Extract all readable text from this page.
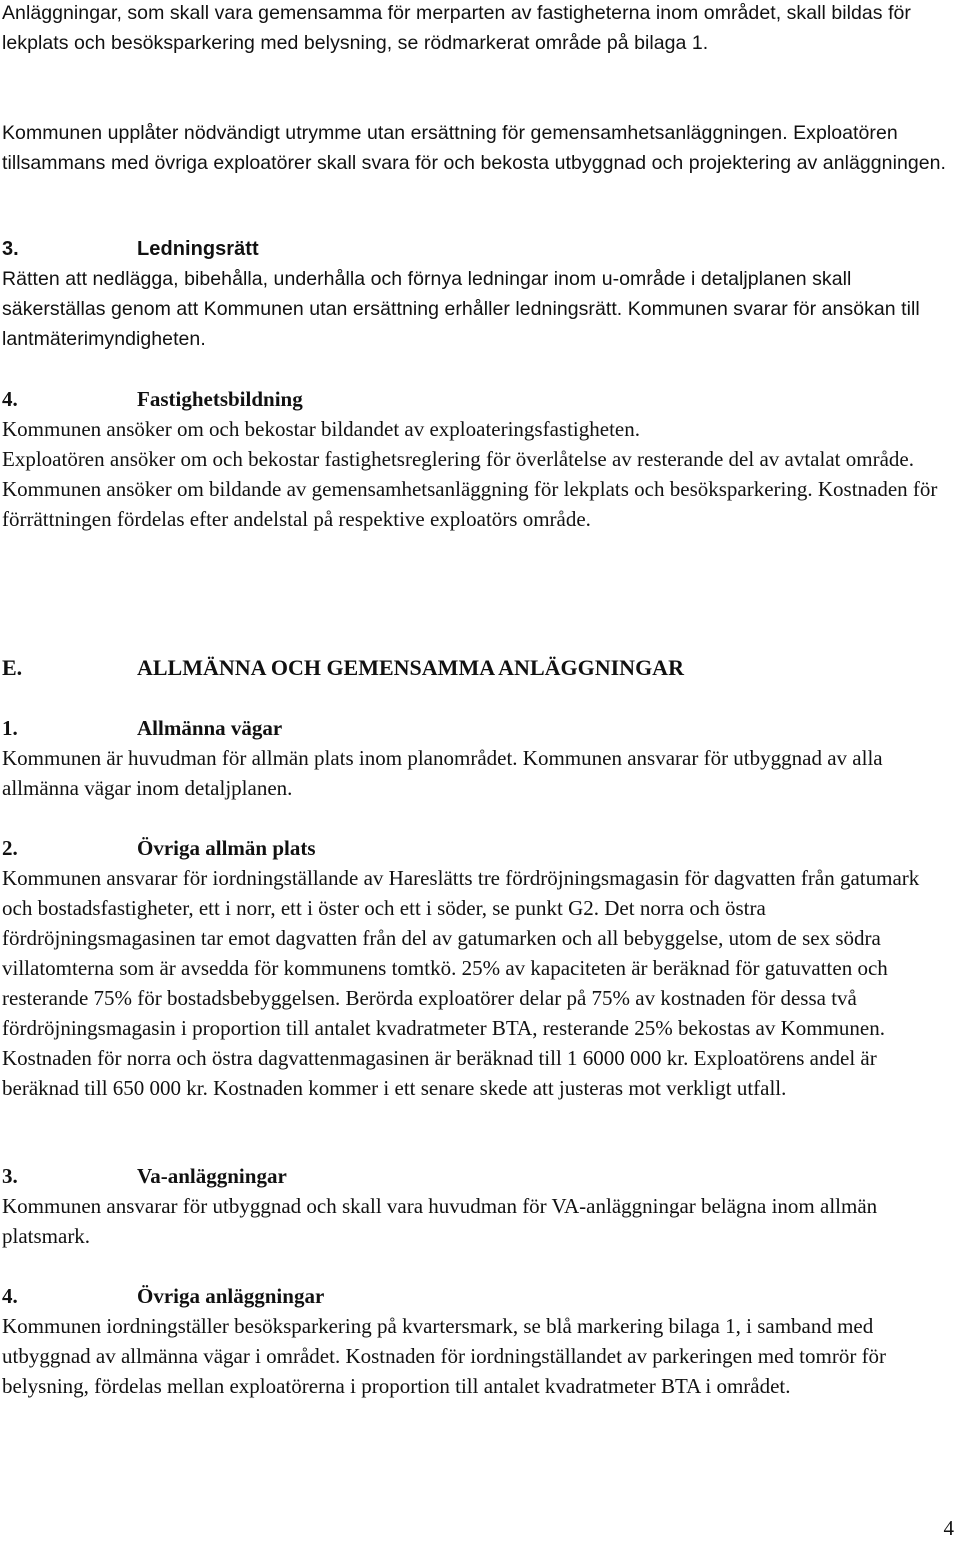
Anläggningar, som skall vara gemensamma för merparten av fastigheterna inom området, skall bildas för lekplats och besöksparkering med belysning, se rödmarkerat område på bilaga 1.

Kommunen upplåter nödvändigt utrymme utan ersättning för gemensamhetsanläggningen. Exploatören tillsammans med övriga exploatörer skall svara för och bekosta utbyggnad och projektering av anläggningen.

3.	Ledningsrätt

Rätten att nedlägga, bibehålla, underhålla och förnya ledningar inom u-område i detaljplanen skall säkerställas genom att Kommunen utan ersättning erhåller ledningsrätt. Kommunen svarar för ansökan till lantmäterimyndigheten.

4.	Fastighetsbildning

Kommunen ansöker om och bekostar bildandet av exploateringsfastigheten.
Exploatören ansöker om och bekostar fastighetsreglering för överlåtelse av resterande del av avtalat område.
Kommunen ansöker om bildande av gemensamhetsanläggning för lekplats och besöksparkering. Kostnaden för förrättningen fördelas efter andelstal på respektive exploatörs område.

E.	ALLMÄNNA OCH GEMENSAMMA ANLÄGGNINGAR
1.	Allmänna vägar

Kommunen är huvudman för allmän plats inom planområdet. Kommunen ansvarar för utbyggnad av alla allmänna vägar inom detaljplanen.

2.	Övriga allmän plats

Kommunen ansvarar för iordningställande av Hareslätts tre fördröjningsmagasin för dagvatten från gatumark och bostadsfastigheter, ett i norr, ett i öster och ett i söder, se punkt G2. Det norra och östra fördröjningsmagasinen tar emot dagvatten från del av gatumarken och all bebyggelse, utom de sex södra villatomterna som är avsedda för kommunens tomtkö. 25% av kapaciteten är beräknad för gatuvatten och resterande 75% för bostadsbebyggelsen. Berörda exploatörer delar på 75% av kostnaden för dessa två fördröjningsmagasin i proportion till antalet kvadratmeter BTA, resterande 25% bekostas av Kommunen. Kostnaden för norra och östra dagvattenmagasinen är beräknad till 1 6000 000 kr. Exploatörens andel är beräknad till 650 000 kr. Kostnaden kommer i ett senare skede att justeras mot verkligt utfall.

3.	Va-anläggningar

Kommunen ansvarar för utbyggnad och skall vara huvudman för VA-anläggningar belägna inom allmän platsmark.

4.	Övriga anläggningar

Kommunen iordningställer besöksparkering på kvartersmark, se blå markering bilaga 1, i samband med utbyggnad av allmänna vägar i området. Kostnaden för iordningställandet av parkeringen med tomrör för belysning, fördelas mellan exploatörerna i proportion till antalet kvadratmeter BTA i området.

4
